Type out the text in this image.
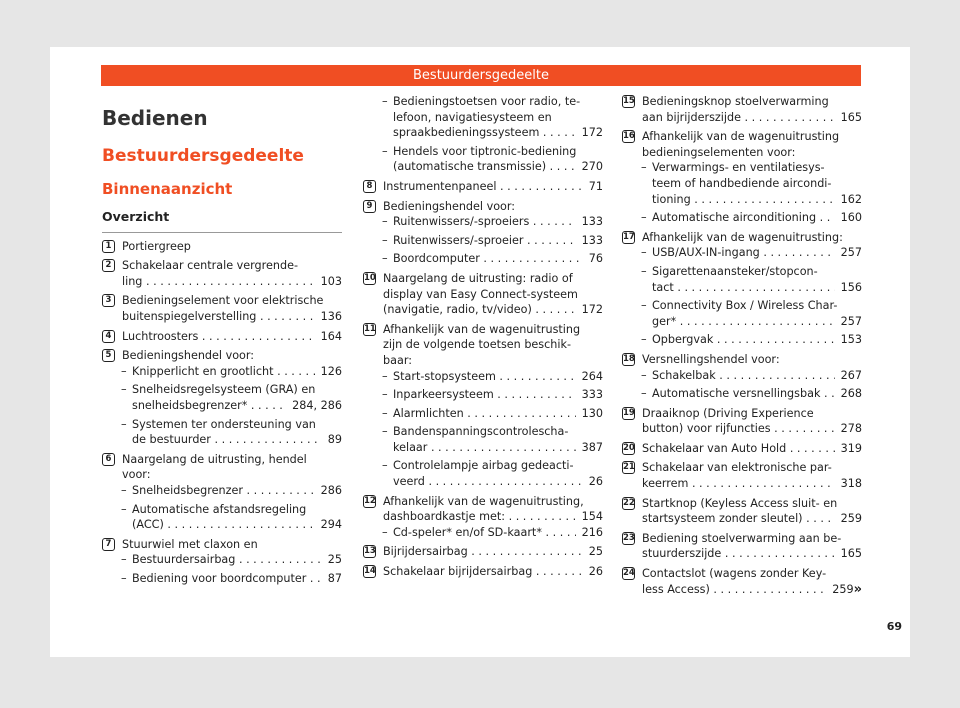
Bestuurdersgedeelte
Bedienen
Bestuurdersgedeelte
Binnenaanzicht
Overzicht
1 Portiergreep
2 Schakelaar centrale vergrende-
ling . . .	103
3 Bedieningselement voor elektrische
buitenspiegelverstelling . . .	136
4 Luchtroosters . . .	164
5 Bedieningshendel voor:
– Knipperlicht en grootlicht . . .	126
– Snelheidsregelsysteem (GRA) en
snelheidsbegrenzer* . . .	284, 286
– Systemen ter ondersteuning van
de bestuurder . . .	89
6 Naargelang de uitrusting, hendel
voor:
– Snelheidsbegrenzer . . .	286
– Automatische afstandsregeling
(ACC) . . .	294
7 Stuurwiel met claxon en
– Bestuurdersairbag . . .	25
– Bediening voor boordcomputer . . .	87
– Bedieningstoetsen voor radio, te-
lefoon, navigatiesysteem en
spraakbedieningssysteem . . .	172
– Hendels voor tiptronic-bediening
(automatische transmissie) . . .	270
8 Instrumentenpaneel . . .	71
9 Bedieningshendel voor:
– Ruitenwissers/-sproeiers . . .	133
– Ruitenwissers/-sproeier . . .	133
– Boordcomputer . . .	76
10 Naargelang de uitrusting: radio of
display van Easy Connect-systeem
(navigatie, radio, tv/video) . . .	172
11 Afhankelijk van de wagenuitrusting
zijn de volgende toetsen beschik-
baar:
– Start-stopsysteem . . .	264
– Inparkeersysteem . . .	333
– Alarmlichten . . .	130
– Bandenspanningscontrolescha-
kelaar . . .	387
– Controlelampje airbag gedeacti-
veerd . . .	26
12 Afhankelijk van de wagenuitrusting,
dashboardkastje met: . . .	154
– Cd-speler* en/of SD-kaart* . . .	216
13 Bijrijdersairbag . . .	25
14 Schakelaar bijrijdersairbag . . .	26
15 Bedieningsknop stoelverwarming
aan bijrijderszijde . . .	165
16 Afhankelijk van de wagenuitrusting
bedieningselementen voor:
– Verwarmings- en ventilatiesys-
teem of handbediende aircondi-
tioning . . .	162
– Automatische airconditioning . . .	160
17 Afhankelijk van de wagenuitrusting:
– USB/AUX-IN-ingang . . .	257
– Sigarettenaansteker/stopcon-
tact . . .	156
– Connectivity Box / Wireless Char-
ger* . . .	257
– Opbergvak . . .	153
18 Versnellingshendel voor:
– Schakelbak . . .	267
– Automatische versnellingsbak . . .	268
19 Draaiknop (Driving Experience
button) voor rijfuncties . . .	278
20 Schakelaar van Auto Hold . . .	319
21 Schakelaar van elektronische par-
keerrem . . .	318
22 Startknop (Keyless Access sluit- en
startsysteem zonder sleutel) . . .	259
23 Bediening stoelverwarming aan be-
stuurderszijde . . .	165
24 Contactslot (wagens zonder Key-
less Access) . . .	259 »
69
